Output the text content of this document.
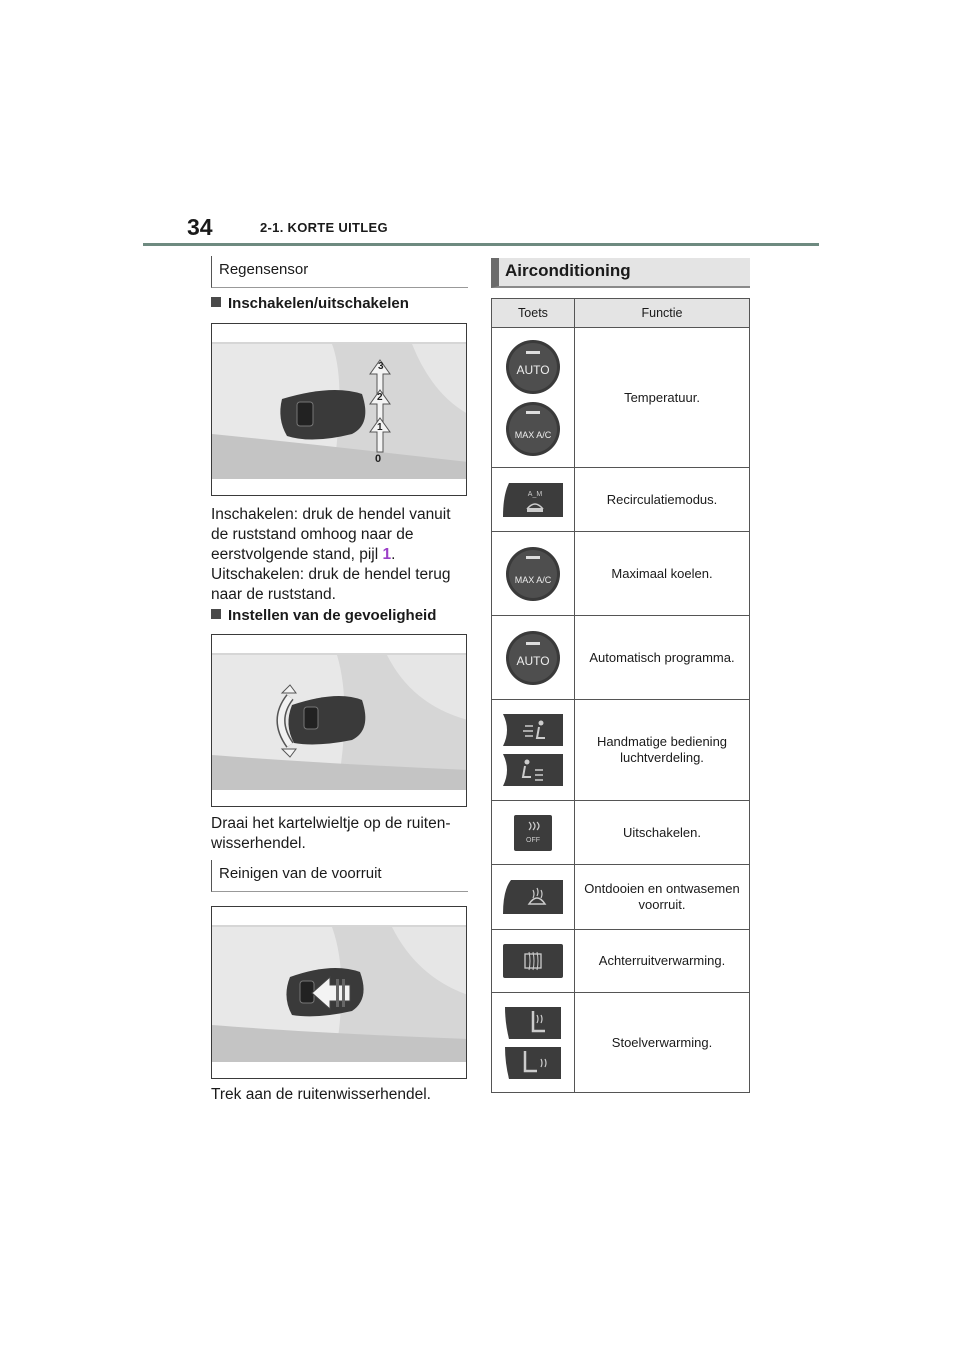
34	2-1. KORTE UITLEG
Regensensor
Inschakelen/uitschakelen
0
1
2
3
Inschakelen: druk de hendel vanuit de ruststand omhoog naar de eerstvolgende stand, pijl 1.
Uitschakelen: druk de hendel terug naar de ruststand.
Instellen van de gevoeligheid
Draai het kartelwieltje op de ruiten-wisserhendel.
Reinigen van de voorruit
Trek aan de ruitenwisserhendel.
Airconditioning
Toets	Functie

AUTO
MAX A/C	Temperatuur.

A_M	Recirculatiemodus.

MAX A/C	Maximaal koelen.

AUTO	Automatisch programma.

	Handmatige bediening luchtverdeling.

OFF	Uitschakelen.

	Ontdooien en ontwasemen voorruit.

	Achterruitverwarming.

	Stoelverwarming.
